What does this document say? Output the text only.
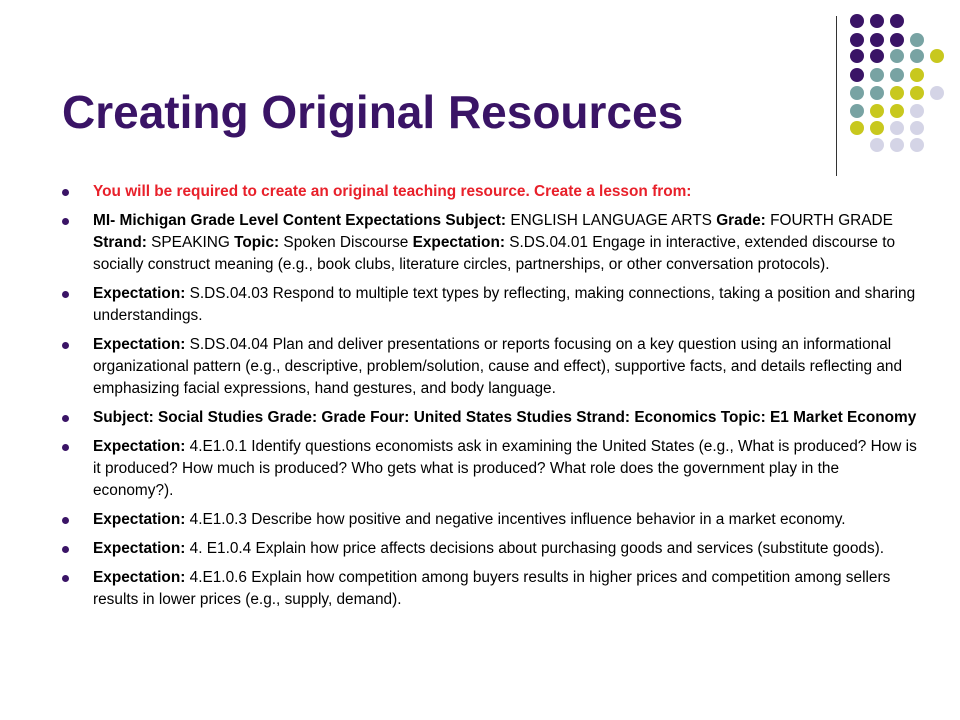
Creating Original Resources
You will be required to create an original teaching resource. Create a lesson from:
MI- Michigan Grade Level Content Expectations Subject: ENGLISH LANGUAGE ARTS Grade: FOURTH GRADE Strand: SPEAKING Topic: Spoken Discourse Expectation: S.DS.04.01 Engage in interactive, extended discourse to socially construct meaning (e.g., book clubs, literature circles, partnerships, or other conversation protocols).
Expectation: S.DS.04.03 Respond to multiple text types by reflecting, making connections, taking a position and sharing understandings.
Expectation: S.DS.04.04 Plan and deliver presentations or reports focusing on a key question using an informational organizational pattern (e.g., descriptive, problem/solution, cause and effect), supportive facts, and details reflecting and emphasizing facial expressions, hand gestures, and body language.
Subject: Social Studies Grade: Grade Four: United States Studies Strand: Economics Topic: E1 Market Economy
Expectation: 4.E1.0.1 Identify questions economists ask in examining the United States (e.g., What is produced? How is it produced? How much is produced? Who gets what is produced? What role does the government play in the economy?).
Expectation: 4.E1.0.3 Describe how positive and negative incentives influence behavior in a market economy.
Expectation: 4. E1.0.4 Explain how price affects decisions about purchasing goods and services (substitute goods).
Expectation: 4.E1.0.6 Explain how competition among buyers results in higher prices and competition among sellers results in lower prices (e.g., supply, demand).
